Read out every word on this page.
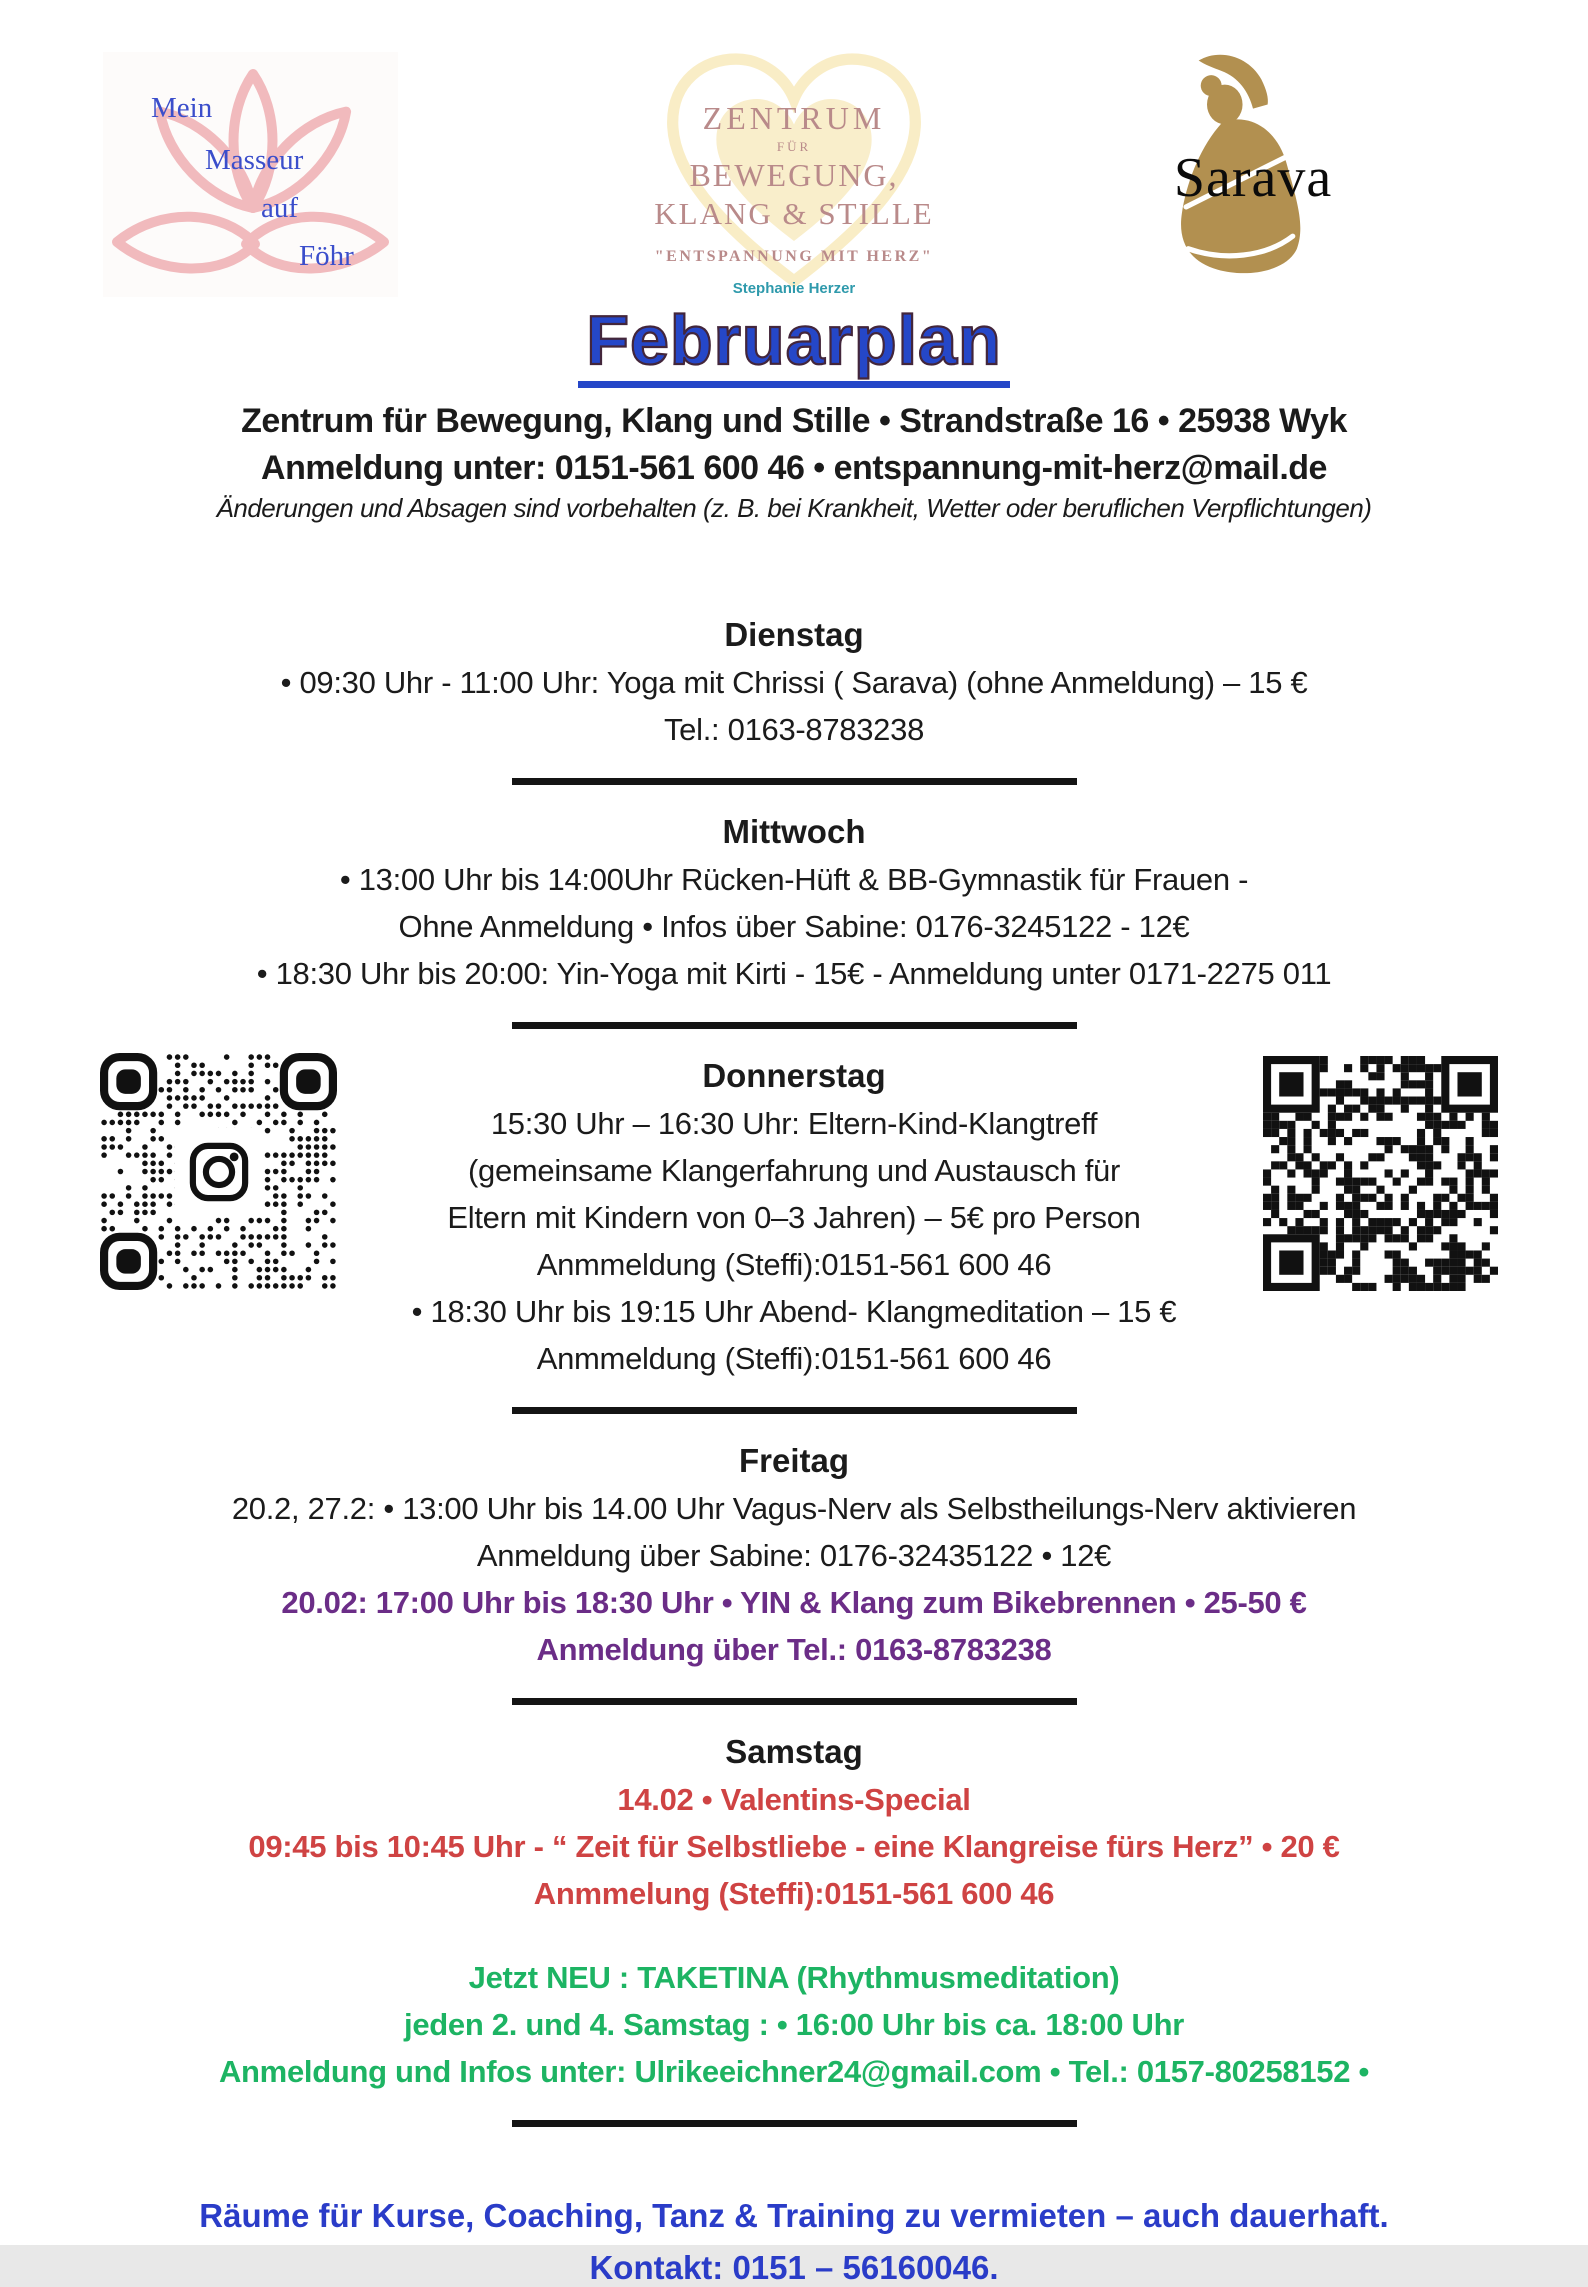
Mein
Masseur
auf
Föhr
ZENTRUM
FÜR
BEWEGUNG,
KLANG & STILLE
"ENTSPANNUNG MIT HERZ"
Stephanie Herzer
Sarava
Februarplan
Zentrum für Bewegung, Klang und Stille • Strandstraße 16 • 25938 Wyk
Anmeldung unter: 0151-561 600 46 • entspannung-mit-herz@mail.de
Änderungen und Absagen sind vorbehalten (z. B. bei Krankheit, Wetter oder beruflichen Verpflichtungen)
Dienstag
• 09:30 Uhr - 11:00 Uhr: Yoga mit Chrissi ( Sarava) (ohne Anmeldung) – 15 €
Tel.: 0163-8783238
Mittwoch
• 13:00 Uhr bis 14:00Uhr Rücken-Hüft & BB-Gymnastik für Frauen -
Ohne Anmeldung • Infos über Sabine: 0176-3245122 - 12€
• 18:30 Uhr bis 20:00: Yin-Yoga mit Kirti - 15€ - Anmeldung unter 0171-2275 011
Donnerstag
15:30 Uhr – 16:30 Uhr: Eltern-Kind-Klangtreff
(gemeinsame Klangerfahrung und Austausch für
Eltern mit Kindern von 0–3 Jahren) – 5€ pro Person
Anmmeldung (Steffi):0151-561 600 46
• 18:30 Uhr bis 19:15 Uhr Abend- Klangmeditation – 15 €
Anmmeldung (Steffi):0151-561 600 46
Freitag
20.2, 27.2: • 13:00 Uhr bis 14.00 Uhr Vagus-Nerv als Selbstheilungs-Nerv aktivieren
Anmeldung über Sabine: 0176-32435122 • 12€
20.02: 17:00 Uhr bis 18:30 Uhr • YIN & Klang zum Bikebrennen • 25-50 €
Anmeldung über Tel.: 0163-8783238
Samstag
14.02 • Valentins-Special
09:45 bis 10:45 Uhr - “ Zeit für Selbstliebe - eine Klangreise fürs Herz” • 20 €
Anmmelung (Steffi):0151-561 600 46
Jetzt NEU : TAKETINA (Rhythmusmeditation)
jeden 2. und 4. Samstag : • 16:00 Uhr bis ca. 18:00 Uhr
Anmeldung und Infos unter: Ulrikeeichner24@gmail.com • Tel.: 0157-80258152 •
Räume für Kurse, Coaching, Tanz & Training zu vermieten – auch dauerhaft.
Kontakt: 0151 – 56160046.
